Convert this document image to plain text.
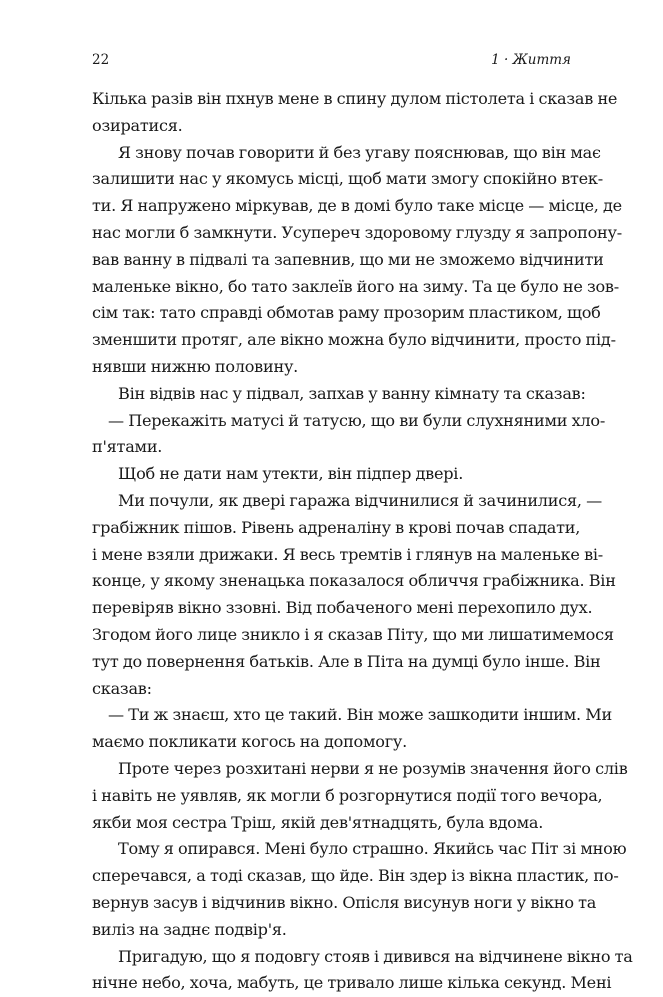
22	1 · Життя
Кілька разів він пхнув мене в спину дулом пістолета і сказав не
озиратися.
Я знову почав говорити й без угаву пояснював, що він має
залишити нас у якомусь місці, щоб мати змогу спокійно втек-
ти. Я напружено міркував, де в домі було таке місце — місце, де
нас могли б замкнути. Усупереч здоровому глузду я запропону-
вав ванну в підвалі та запевнив, що ми не зможемо відчинити
маленьке вікно, бо тато заклеїв його на зиму. Та це було не зов-
сім так: тато справді обмотав раму прозорим пластиком, щоб
зменшити протяг, але вікно можна було відчинити, просто під-
нявши нижню половину.
Він відвів нас у підвал, запхав у ванну кімнату та сказав:
— Перекажіть матусі й татусю, що ви були слухняними хло-
п'ятами.
Щоб не дати нам утекти, він підпер двері.
Ми почули, як двері гаража відчинилися й зачинилися, —
грабіжник пішов. Рівень адреналіну в крові почав спадати,
і мене взяли дрижаки. Я весь тремтів і глянув на маленьке ві-
конце, у якому зненацька показалося обличчя грабіжника. Він
перевіряв вікно ззовні. Від побаченого мені перехопило дух.
Згодом його лице зникло і я сказав Піту, що ми лишатимемося
тут до повернення батьків. Але в Піта на думці було інше. Він
сказав:
— Ти ж знаєш, хто це такий. Він може зашкодити іншим. Ми
маємо покликати когось на допомогу.
Проте через розхитані нерви я не розумів значення його слів
і навіть не уявляв, як могли б розгорнутися події того вечора,
якби моя сестра Тріш, якій дев'ятнадцять, була вдома.
Тому я опирався. Мені було страшно. Якийсь час Піт зі мною
сперечався, а тоді сказав, що йде. Він здер із вікна пластик, по-
вернув засув і відчинив вікно. Опісля висунув ноги у вікно та
виліз на заднє подвір'я.
Пригадую, що я подовгу стояв і дивився на відчинене вікно та
нічне небо, хоча, мабуть, це тривало лише кілька секунд. Мені
